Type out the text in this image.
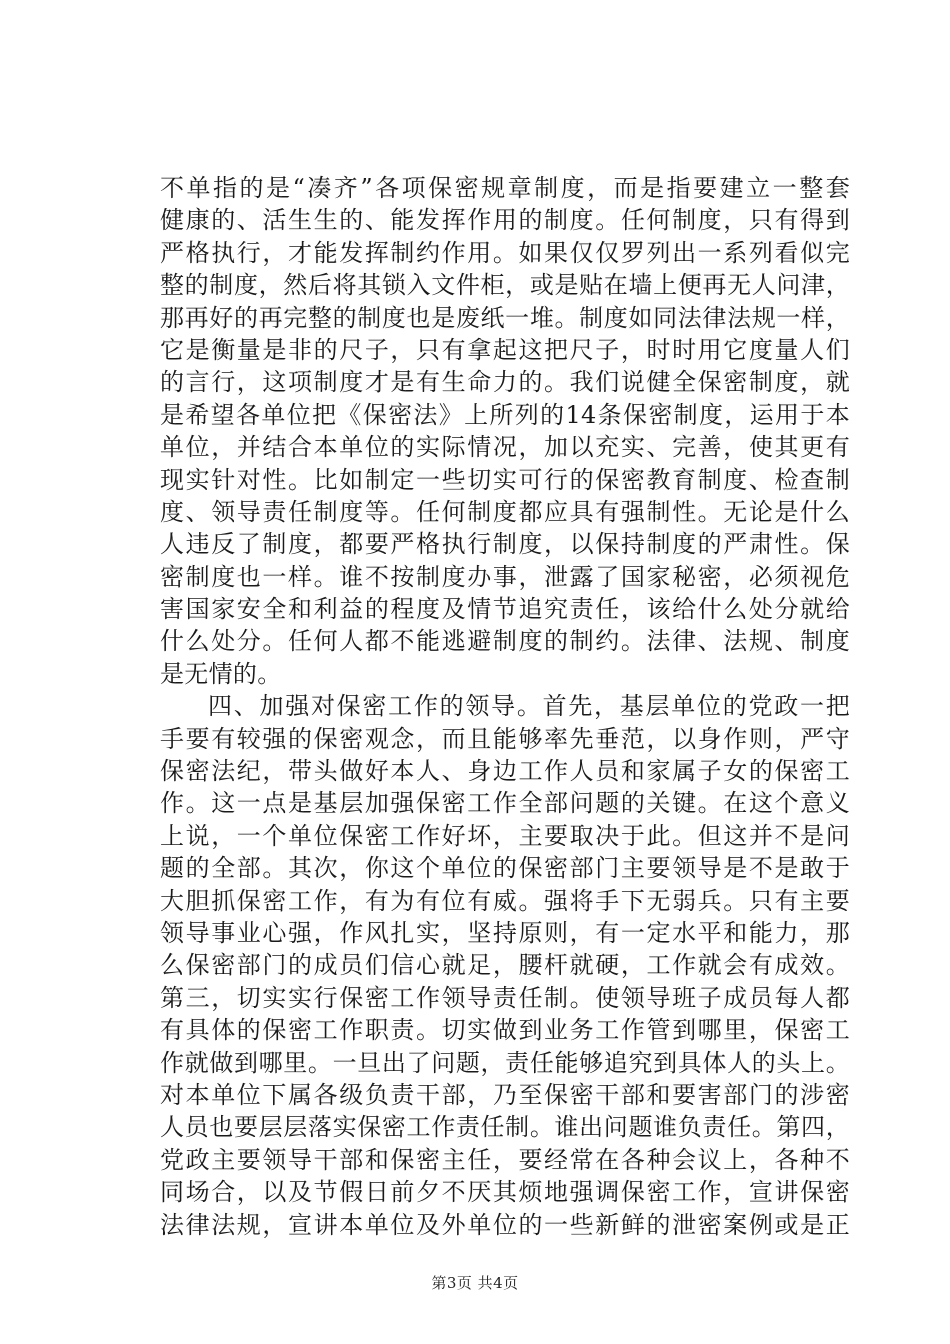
不单指的是“凑齐”各项保密规章制度，而是指要建立一整套
健康的、活生生的、能发挥作用的制度。任何制度，只有得到
严格执行，才能发挥制约作用。如果仅仅罗列出一系列看似完
整的制度，然后将其锁入文件柜，或是贴在墙上便再无人问津，
那再好的再完整的制度也是废纸一堆。制度如同法律法规一样，
它是衡量是非的尺子，只有拿起这把尺子，时时用它度量人们
的言行，这项制度才是有生命力的。我们说健全保密制度，就
是希望各单位把《保密法》上所列的14条保密制度，运用于本
单位，并结合本单位的实际情况，加以充实、完善，使其更有
现实针对性。比如制定一些切实可行的保密教育制度、检查制
度、领导责任制度等。任何制度都应具有强制性。无论是什么
人违反了制度，都要严格执行制度，以保持制度的严肃性。保
密制度也一样。谁不按制度办事，泄露了国家秘密，必须视危
害国家安全和利益的程度及情节追究责任，该给什么处分就给
什么处分。任何人都不能逃避制度的制约。法律、法规、制度
是无情的。
四、加强对保密工作的领导。首先，基层单位的党政一把
手要有较强的保密观念，而且能够率先垂范，以身作则，严守
保密法纪，带头做好本人、身边工作人员和家属子女的保密工
作。这一点是基层加强保密工作全部问题的关键。在这个意义
上说，一个单位保密工作好坏，主要取决于此。但这并不是问
题的全部。其次，你这个单位的保密部门主要领导是不是敢于
大胆抓保密工作，有为有位有威。强将手下无弱兵。只有主要
领导事业心强，作风扎实，坚持原则，有一定水平和能力，那
么保密部门的成员们信心就足，腰杆就硬，工作就会有成效。
第三，切实实行保密工作领导责任制。使领导班子成员每人都
有具体的保密工作职责。切实做到业务工作管到哪里，保密工
作就做到哪里。一旦出了问题，责任能够追究到具体人的头上。
对本单位下属各级负责干部，乃至保密干部和要害部门的涉密
人员也要层层落实保密工作责任制。谁出问题谁负责任。第四，
党政主要领导干部和保密主任，要经常在各种会议上，各种不
同场合，以及节假日前夕不厌其烦地强调保密工作，宣讲保密
法律法规，宣讲本单位及外单位的一些新鲜的泄密案例或是正
第3页 共4页
